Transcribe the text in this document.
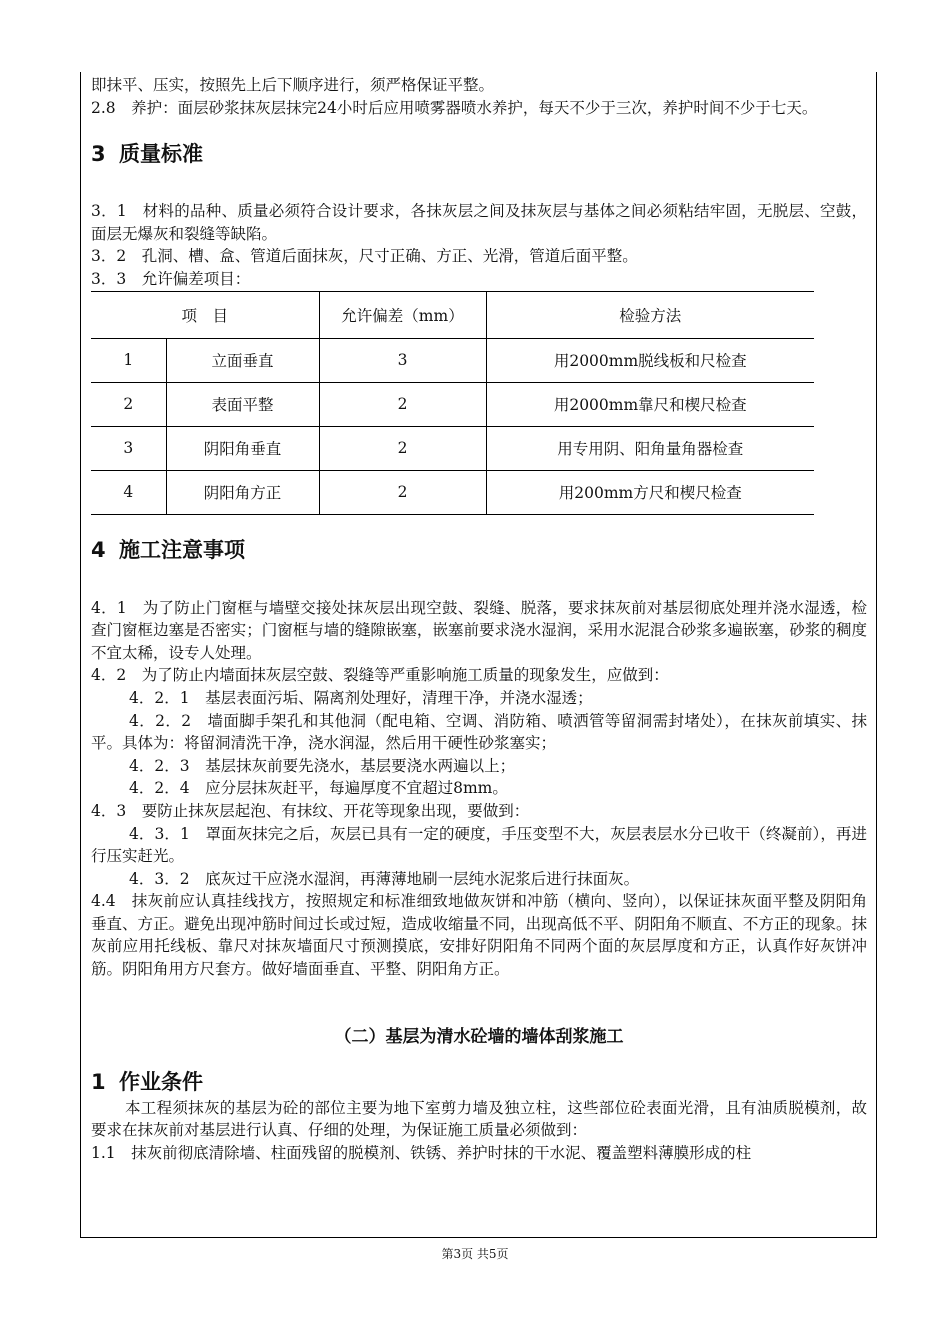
即抹平、压实，按照先上后下顺序进行，须严格保证平整。

2.8　养护：面层砂浆抹灰层抹完24小时后应用喷雾器喷水养护，每天不少于三次，养护时间不少于七天。

3 质量标准

3．1　材料的品种、质量必须符合设计要求，各抹灰层之间及抹灰层与基体之间必须粘结牢固，无脱层、空鼓，面层无爆灰和裂缝等缺陷。

3．2　孔洞、槽、盒、管道后面抹灰，尺寸正确、方正、光滑，管道后面平整。

3．3　允许偏差项目：

项　目		允许偏差（mm）	检验方法
1	立面垂直	3	用2000mm脱线板和尺检查
2	表面平整	2	用2000mm靠尺和楔尺检查
3	阴阳角垂直	2	用专用阴、阳角量角器检查
4	阴阳角方正	2	用200mm方尺和楔尺检查
4 施工注意事项

4．1　为了防止门窗框与墙壁交接处抹灰层出现空鼓、裂缝、脱落，要求抹灰前对基层彻底处理并浇水湿透，检查门窗框边塞是否密实；门窗框与墙的缝隙嵌塞，嵌塞前要求浇水湿润，采用水泥混合砂浆多遍嵌塞，砂浆的稠度不宜太稀，设专人处理。

4．2　为了防止内墙面抹灰层空鼓、裂缝等严重影响施工质量的现象发生，应做到：

4．2．1　基层表面污垢、隔离剂处理好，清理干净，并浇水湿透；

4．2．2　墙面脚手架孔和其他洞（配电箱、空调、消防箱、喷洒管等留洞需封堵处），在抹灰前填实、抹平。具体为：将留洞清洗干净，浇水润湿，然后用干硬性砂浆塞实；

4．2．3　基层抹灰前要先浇水，基层要浇水两遍以上；

4．2．4　应分层抹灰赶平，每遍厚度不宜超过8mm。

4．3　要防止抹灰层起泡、有抹纹、开花等现象出现，要做到：

4．3．1　罩面灰抹完之后，灰层已具有一定的硬度，手压变型不大，灰层表层水分已收干（终凝前），再进行压实赶光。

4．3．2　底灰过干应浇水湿润，再薄薄地刷一层纯水泥浆后进行抹面灰。

4.4　抹灰前应认真挂线找方，按照规定和标准细致地做灰饼和冲筋（横向、竖向），以保证抹灰面平整及阴阳角垂直、方正。避免出现冲筋时间过长或过短，造成收缩量不同，出现高低不平、阴阳角不顺直、不方正的现象。抹灰前应用托线板、靠尺对抹灰墙面尺寸预测摸底，安排好阴阳角不同两个面的灰层厚度和方正，认真作好灰饼冲筋。阴阳角用方尺套方。做好墙面垂直、平整、阴阳角方正。

（二）基层为清水砼墙的墙体刮浆施工
1 作业条件

本工程须抹灰的基层为砼的部位主要为地下室剪力墙及独立柱，这些部位砼表面光滑，且有油质脱模剂，故要求在抹灰前对基层进行认真、仔细的处理，为保证施工质量必须做到：

1.1　抹灰前彻底清除墙、柱面残留的脱模剂、铁锈、养护时抹的干水泥、覆盖塑料薄膜形成的柱

第3页 共5页
